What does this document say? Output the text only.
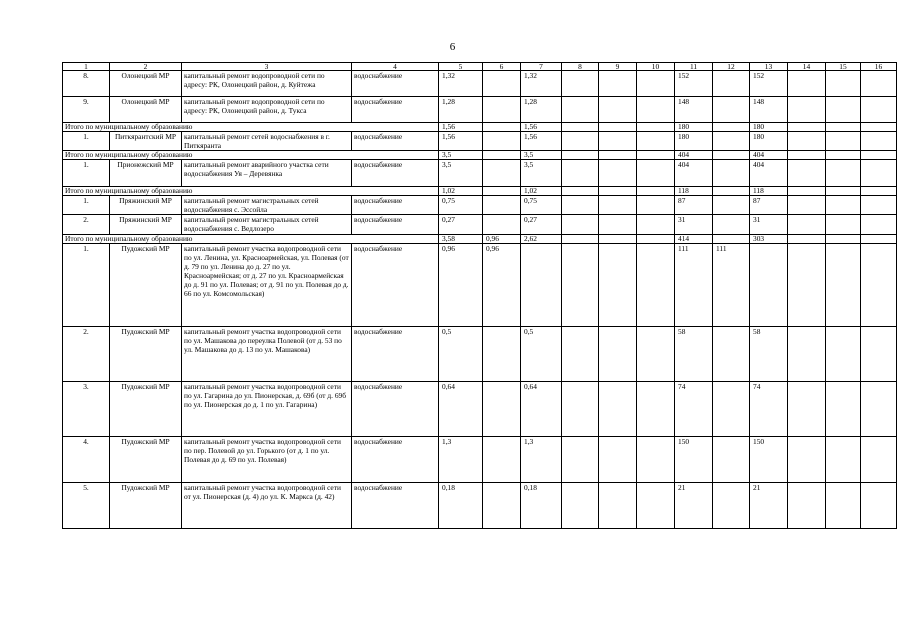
6
1	2	3	4	5	6	7	8	9	10	11	12	13	14	15	16
8.	Олонецкий МР	капитальный ремонт водопроводной сети по адресу: РК, Олонецкий район, д. Куйтежа	водоснабжение	1,32		1,32				152		152			
9.	Олонецкий МР	капитальный ремонт водопроводной сети по адресу: РК, Олонецкий район, д. Тукса	водоснабжение	1,28		1,28				148		148			
Итого по муниципальному образованию				1,56		1,56				180		180			
1.	Питкярантский МР	капитальный ремонт сетей водоснабжения в г. Питкяранта	водоснабжение	1,56		1,56				180		180			
Итого по муниципальному образованию				3,5		3,5				404		404			
1.	Прионежский МР	капитальный ремонт аварийного участка сети водоснабжения Уя – Деревянка	водоснабжение	3,5		3,5				404		404			
Итого по муниципальному образованию				1,02		1,02				118		118			
1.	Пряжинский МР	капитальный ремонт магистральных сетей водоснабжения с. Эссойла	водоснабжение	0,75		0,75				87		87			
2.	Пряжинский МР	капитальный ремонт магистральных сетей водоснабжения с. Ведлозеро	водоснабжение	0,27		0,27				31		31			
Итого по муниципальному образованию				3,58	0,96	2,62				414		303			
1.	Пудожский МР	капитальный ремонт участка водопроводной сети по ул. Ленина, ул. Красноармейская, ул. Полевая (от д. 79 по ул. Ленина до д. 27 по ул. Красноармейская; от д. 27 по ул. Красноармейская до д. 91 по ул. Полевая; от д. 91 по ул. Полевая до д. 66 по ул. Комсомольская)	водоснабжение	0,96	0,96					111	111				
2.	Пудожский МР	капитальный ремонт участка водопроводной сети по ул. Машакова до переулка Полевой (от д. 53 по ул. Машакова до д. 13 по ул. Машакова)	водоснабжение	0,5		0,5				58		58			
3.	Пудожский МР	капитальный ремонт участка водопроводной сети по ул. Гагарина до ул. Пионерская, д. 69б (от д. 69б по ул. Пионерская до д. 1 по ул. Гагарина)	водоснабжение	0,64		0,64				74		74			
4.	Пудожский МР	капитальный ремонт участка водопроводной сети по пер. Полевой до ул. Горького (от д. 1 по ул. Полевая до д. 69 по ул. Полевая)	водоснабжение	1,3		1,3				150		150			
5.	Пудожский МР	капитальный ремонт участка водопроводной сети от ул. Пионерская (д. 4) до ул. К. Маркса (д. 42)	водоснабжение	0,18		0,18				21		21			
